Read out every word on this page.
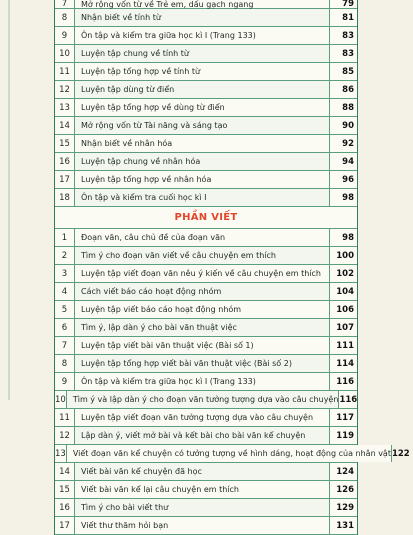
7	Mở rộng vốn từ về Trẻ em, dấu gạch ngang	79
8	Nhận biết về tính từ	81
9	Ôn tập và kiểm tra giữa học kì I (Trang 133)	83
10	Luyện tập chung về tính từ	83
11	Luyện tập tổng hợp về tính từ	85
12	Luyện tập dùng từ điển	86
13	Luyện tập tổng hợp về dùng từ điển	88
14	Mở rộng vốn từ Tài năng và sáng tạo	90
15	Nhận biết về nhân hóa	92
16	Luyện tập chung về nhân hóa	94
17	Luyện tập tổng hợp về nhân hóa	96
18	Ôn tập và kiểm tra cuối học kì I	98
PHẦN VIẾT
1	Đoạn văn, câu chủ đề của đoạn văn	98
2	Tìm ý cho đoạn văn viết về câu chuyện em thích	100
3	Luyện tập viết đoạn văn nêu ý kiến về câu chuyện em thích	102
4	Cách viết báo cáo hoạt động nhóm	104
5	Luyện tập viết báo cáo hoạt động nhóm	106
6	Tìm ý, lập dàn ý cho bài văn thuật việc	107
7	Luyện tập viết bài văn thuật việc (Bài số 1)	111
8	Luyện tập tổng hợp viết bài văn thuật việc (Bài số 2)	114
9	Ôn tập và kiểm tra giữa học kì I (Trang 133)	116
10 Tìm ý và lập dàn ý cho đoạn văn tưởng tượng dựa vào câu chuyện 116
11	Luyện tập viết đoạn văn tưởng tượng dựa vào câu chuyện	117
12	Lập dàn ý, viết mở bài và kết bài cho bài văn kể chuyện	119
13 Viết đoạn văn kể chuyện có tưởng tượng về hình dáng, hoạt động của nhân vật 122
14	Viết bài văn kể chuyện đã học	124
15	Viết bài văn kể lại câu chuyện em thích	126
16	Tìm ý cho bài viết thư	129
17	Viết thư thăm hỏi bạn	131
